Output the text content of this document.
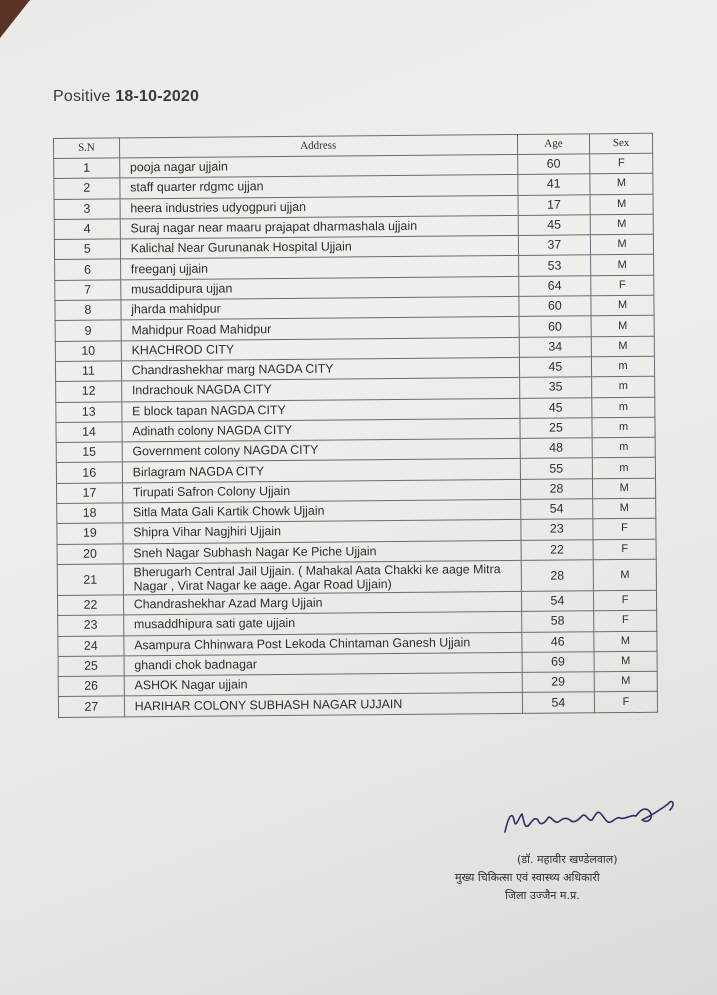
Positive 18-10-2020
S.N	Address	Age	Sex
1	pooja nagar ujjain	60	F
2	staff quarter rdgmc ujjan	41	M
3	heera industries udyogpuri ujjan	17	M
4	Suraj nagar near maaru prajapat dharmashala ujjain	45	M
5	Kalichal Near Gurunanak Hospital Ujjain	37	M
6	freeganj ujjain	53	M
7	musaddipura ujjan	64	F
8	jharda mahidpur	60	M
9	Mahidpur Road Mahidpur	60	M
10	KHACHROD CITY	34	M
11	Chandrashekhar marg NAGDA CITY	45	m
12	Indrachouk NAGDA CITY	35	m
13	E block tapan NAGDA CITY	45	m
14	Adinath colony NAGDA CITY	25	m
15	Government colony NAGDA CITY	48	m
16	Birlagram NAGDA CITY	55	m
17	Tirupati Safron Colony Ujjain	28	M
18	Sitla Mata Gali Kartik Chowk Ujjain	54	M
19	Shipra Vihar Nagjhiri Ujjain	23	F
20	Sneh Nagar Subhash Nagar Ke Piche Ujjain	22	F
21	Bherugarh Central Jail Ujjain. ( Mahakal Aata Chakki ke aage Mitra Nagar , Virat Nagar ke aage. Agar Road Ujjain)	28	M
22	Chandrashekhar Azad Marg Ujjain	54	F
23	musaddhipura sati gate ujjain	58	F
24	Asampura Chhinwara Post Lekoda Chintaman Ganesh Ujjain	46	M
25	ghandi chok badnagar	69	M
26	ASHOK Nagar ujjain	29	M
27	HARIHAR COLONY SUBHASH NAGAR UJJAIN	54	F
Mahavir Khandelwal
(डॉ. महावीर खण्डेलवाल)
मुख्य चिकित्सा एवं स्वास्थ्य अधिकारी
जिला उज्जैन म.प्र.
